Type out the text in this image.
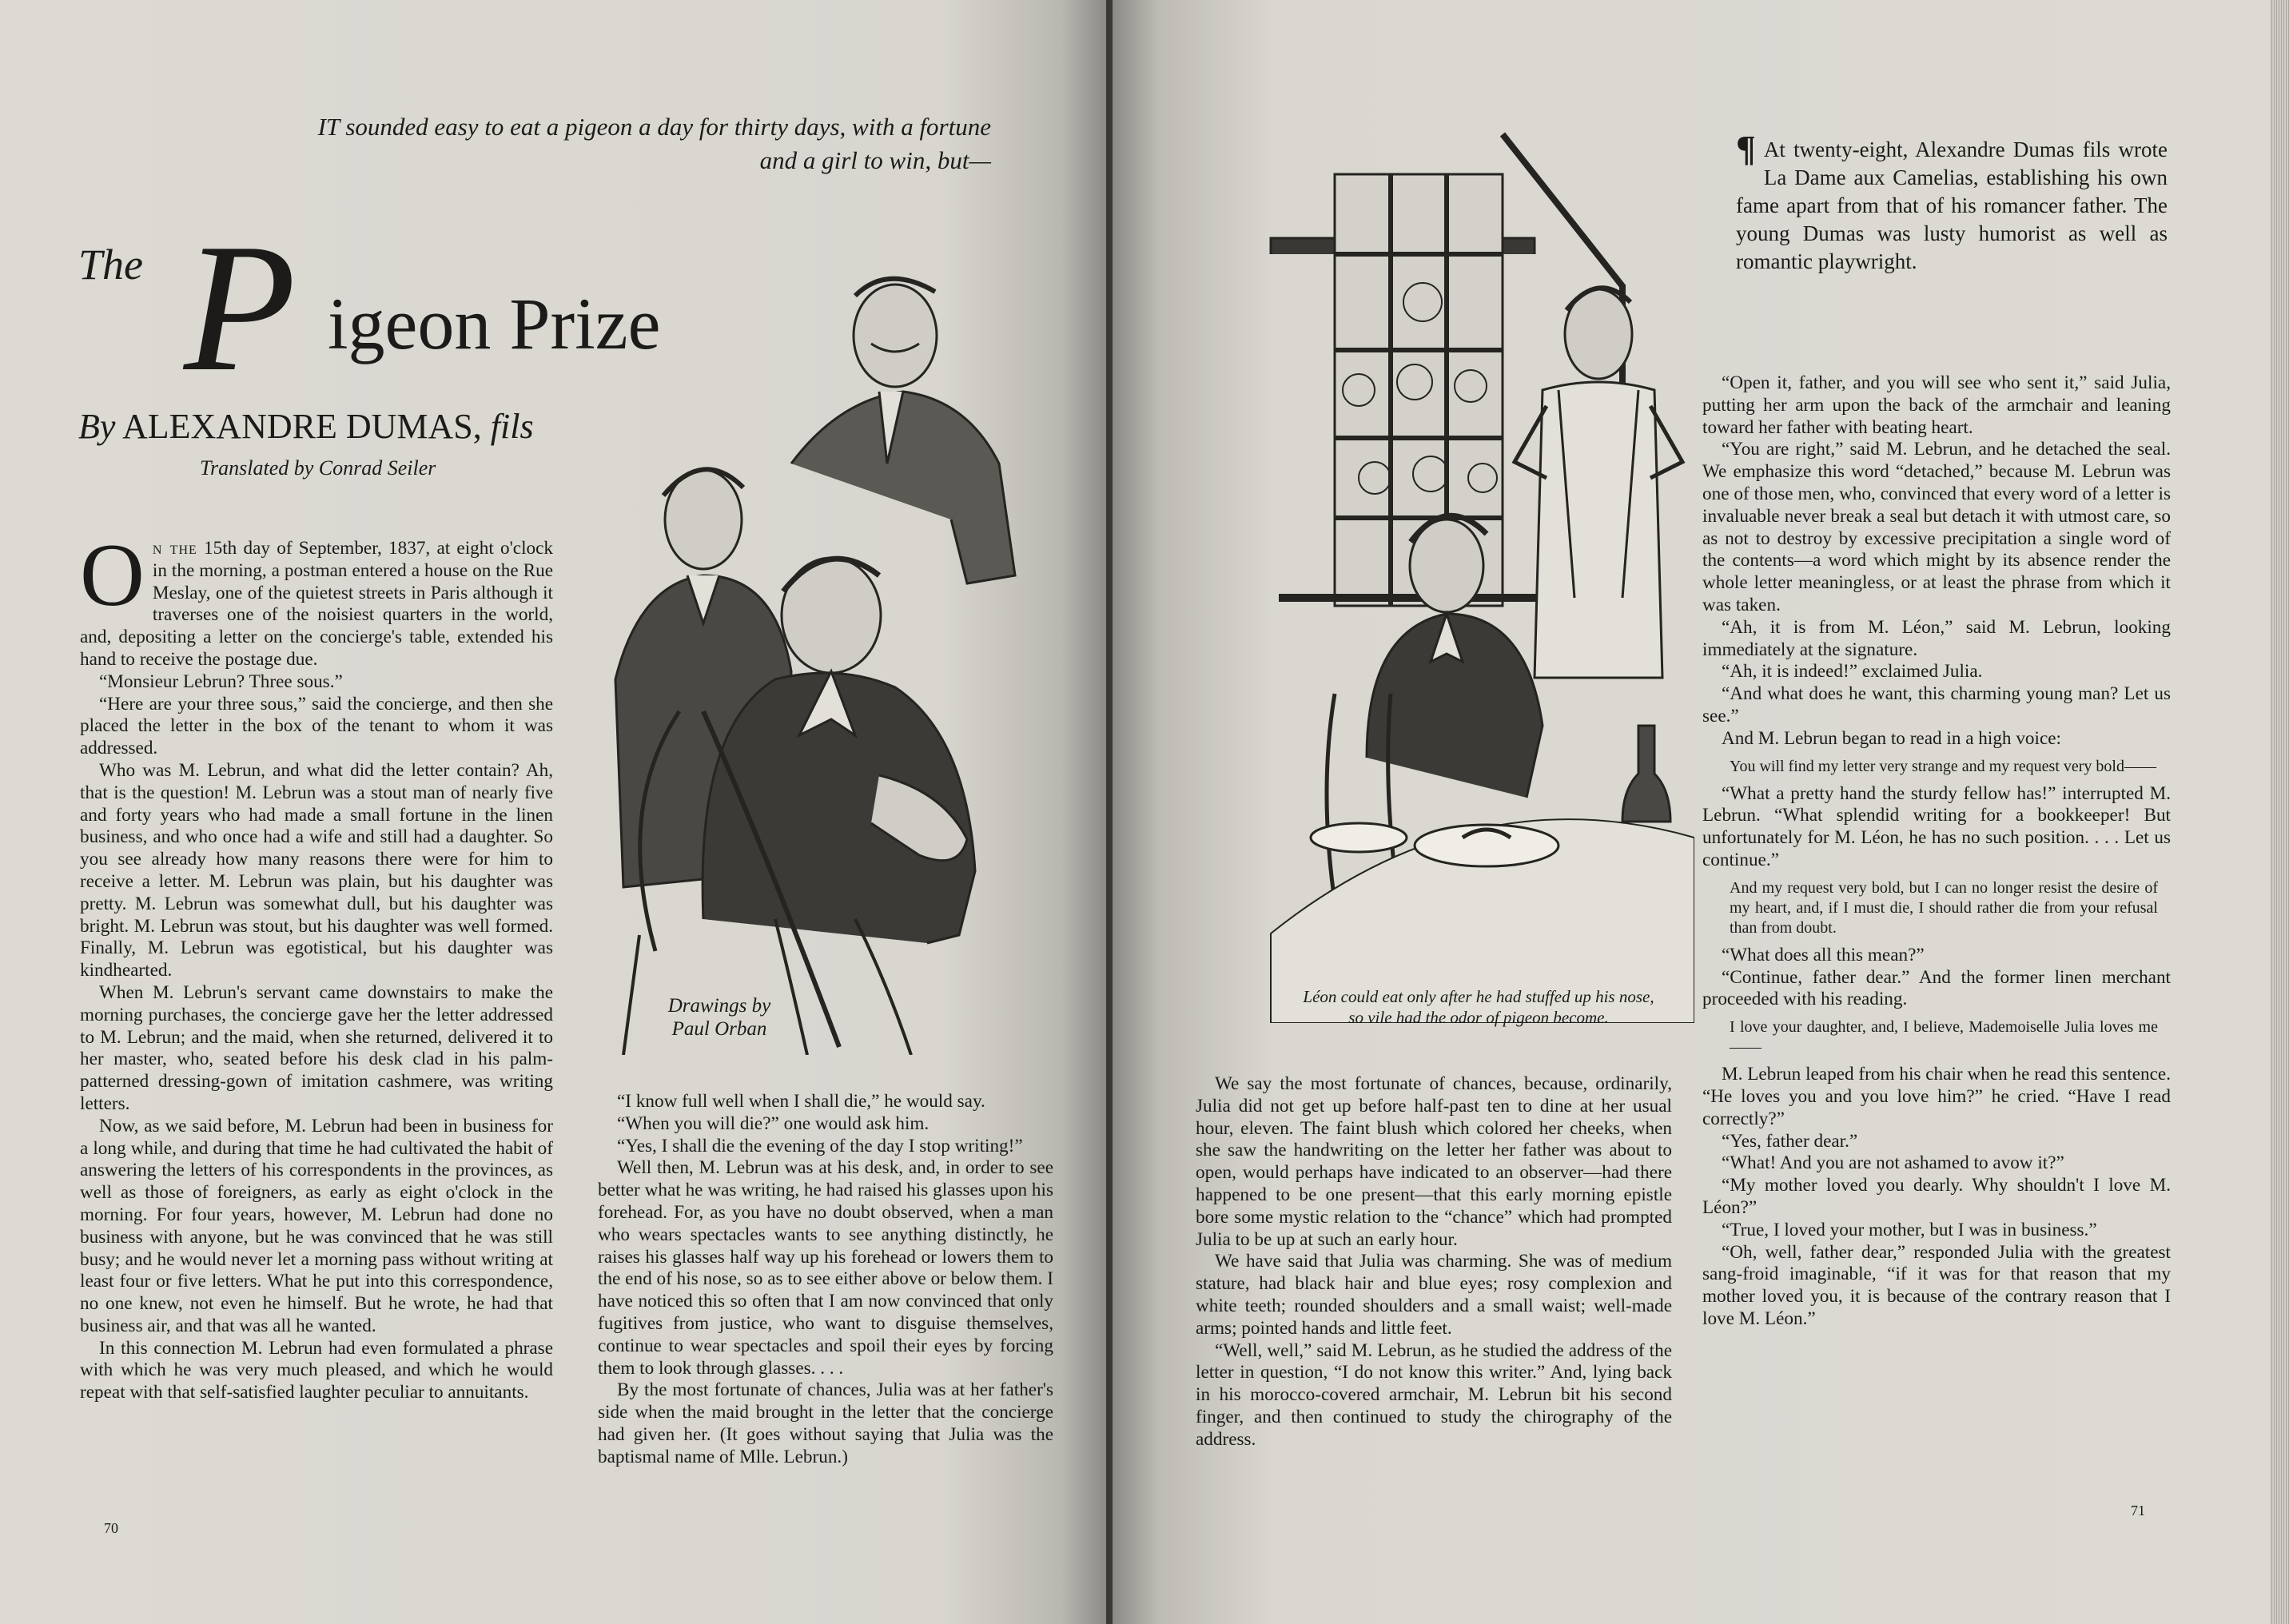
IT sounded easy to eat a pigeon a day for thirty days, with a fortune
and a girl to win, but—
The P igeon Prize
By ALEXANDRE DUMAS, fils
Translated by Conrad Seiler

On the 15th day of September, 1837, at eight o'clock in the morning, a postman entered a house on the Rue Meslay, one of the quietest streets in Paris although it traverses one of the noisiest quarters in the world, and, depositing a letter on the concierge's table, extended his hand to receive the postage due.

“Monsieur Lebrun? Three sous.”

“Here are your three sous,” said the concierge, and then she placed the letter in the box of the tenant to whom it was addressed.

Who was M. Lebrun, and what did the letter contain? Ah, that is the question! M. Lebrun was a stout man of nearly five and forty years who had made a small fortune in the linen business, and who once had a wife and still had a daughter. So you see already how many reasons there were for him to receive a letter. M. Lebrun was plain, but his daughter was pretty. M. Lebrun was somewhat dull, but his daughter was bright. M. Lebrun was stout, but his daughter was well formed. Finally, M. Lebrun was egotistical, but his daughter was kindhearted.

When M. Lebrun's servant came downstairs to make the morning purchases, the concierge gave her the letter addressed to M. Lebrun; and the maid, when she returned, delivered it to her master, who, seated before his desk clad in his palm-patterned dressing-gown of imitation cashmere, was writing letters.

Now, as we said before, M. Lebrun had been in business for a long while, and during that time he had cultivated the habit of answering the letters of his correspondents in the provinces, as well as those of foreigners, as early as eight o'clock in the morning. For four years, however, M. Lebrun had done no business with anyone, but he was convinced that he was still busy; and he would never let a morning pass without writing at least four or five letters. What he put into this correspondence, no one knew, not even he himself. But he wrote, he had that business air, and that was all he wanted.

In this connection M. Lebrun had even formulated a phrase with which he was very much pleased, and which he would repeat with that self-satisfied laughter peculiar to annuitants.

Drawings by
Paul Orban

“I know full well when I shall die,” he would say.

“When you will die?” one would ask him.

“Yes, I shall die the evening of the day I stop writing!”

Well then, M. Lebrun was at his desk, and, in order to see better what he was writing, he had raised his glasses upon his forehead. For, as you have no doubt observed, when a man who wears spectacles wants to see anything distinctly, he raises his glasses half way up his forehead or lowers them to the end of his nose, so as to see either above or below them. I have noticed this so often that I am now convinced that only fugitives from justice, who want to disguise themselves, continue to wear spectacles and spoil their eyes by forcing them to look through glasses. . . .

By the most fortunate of chances, Julia was at her father's side when the maid brought in the letter that the concierge had given her. (It goes without saying that Julia was the baptismal name of Mlle. Lebrun.)

70
Léon could eat only after he had stuffed up his nose, so vile had the odor of pigeon become.
¶ At twenty-eight, Alexandre Dumas fils wrote La Dame aux Camelias, establishing his own fame apart from that of his romancer father. The young Dumas was lusty humorist as well as romantic playwright.

We say the most fortunate of chances, because, ordinarily, Julia did not get up before half-past ten to dine at her usual hour, eleven. The faint blush which colored her cheeks, when she saw the handwriting on the letter her father was about to open, would perhaps have indicated to an observer—had there happened to be one present—that this early morning epistle bore some mystic relation to the “chance” which had prompted Julia to be up at such an early hour.

We have said that Julia was charming. She was of medium stature, had black hair and blue eyes; rosy complexion and white teeth; rounded shoulders and a small waist; well-made arms; pointed hands and little feet.

“Well, well,” said M. Lebrun, as he studied the address of the letter in question, “I do not know this writer.” And, lying back in his morocco-covered armchair, M. Lebrun bit his second finger, and then continued to study the chirography of the address.

“Open it, father, and you will see who sent it,” said Julia, putting her arm upon the back of the armchair and leaning toward her father with beating heart.

“You are right,” said M. Lebrun, and he detached the seal. We emphasize this word “detached,” because M. Lebrun was one of those men, who, convinced that every word of a letter is invaluable never break a seal but detach it with utmost care, so as not to destroy by excessive precipitation a single word of the contents—a word which might by its absence render the whole letter meaningless, or at least the phrase from which it was taken.

“Ah, it is from M. Léon,” said M. Lebrun, looking immediately at the signature.

“Ah, it is indeed!” exclaimed Julia.

“And what does he want, this charming young man? Let us see.”

And M. Lebrun began to read in a high voice:

You will find my letter very strange and my request very bold——

“What a pretty hand the sturdy fellow has!” interrupted M. Lebrun. “What splendid writing for a bookkeeper! But unfortunately for M. Léon, he has no such position. . . . Let us continue.”

And my request very bold, but I can no longer resist the desire of my heart, and, if I must die, I should rather die from your refusal than from doubt.

“What does all this mean?”

“Continue, father dear.” And the former linen merchant proceeded with his reading.

I love your daughter, and, I believe, Mademoiselle Julia loves me——

M. Lebrun leaped from his chair when he read this sentence. “He loves you and you love him?” he cried. “Have I read correctly?”

“Yes, father dear.”

“What! And you are not ashamed to avow it?”

“My mother loved you dearly. Why shouldn't I love M. Léon?”

“True, I loved your mother, but I was in business.”

“Oh, well, father dear,” responded Julia with the greatest sang-froid imaginable, “if it was for that reason that my mother loved you, it is because of the contrary reason that I love M. Léon.”

71
